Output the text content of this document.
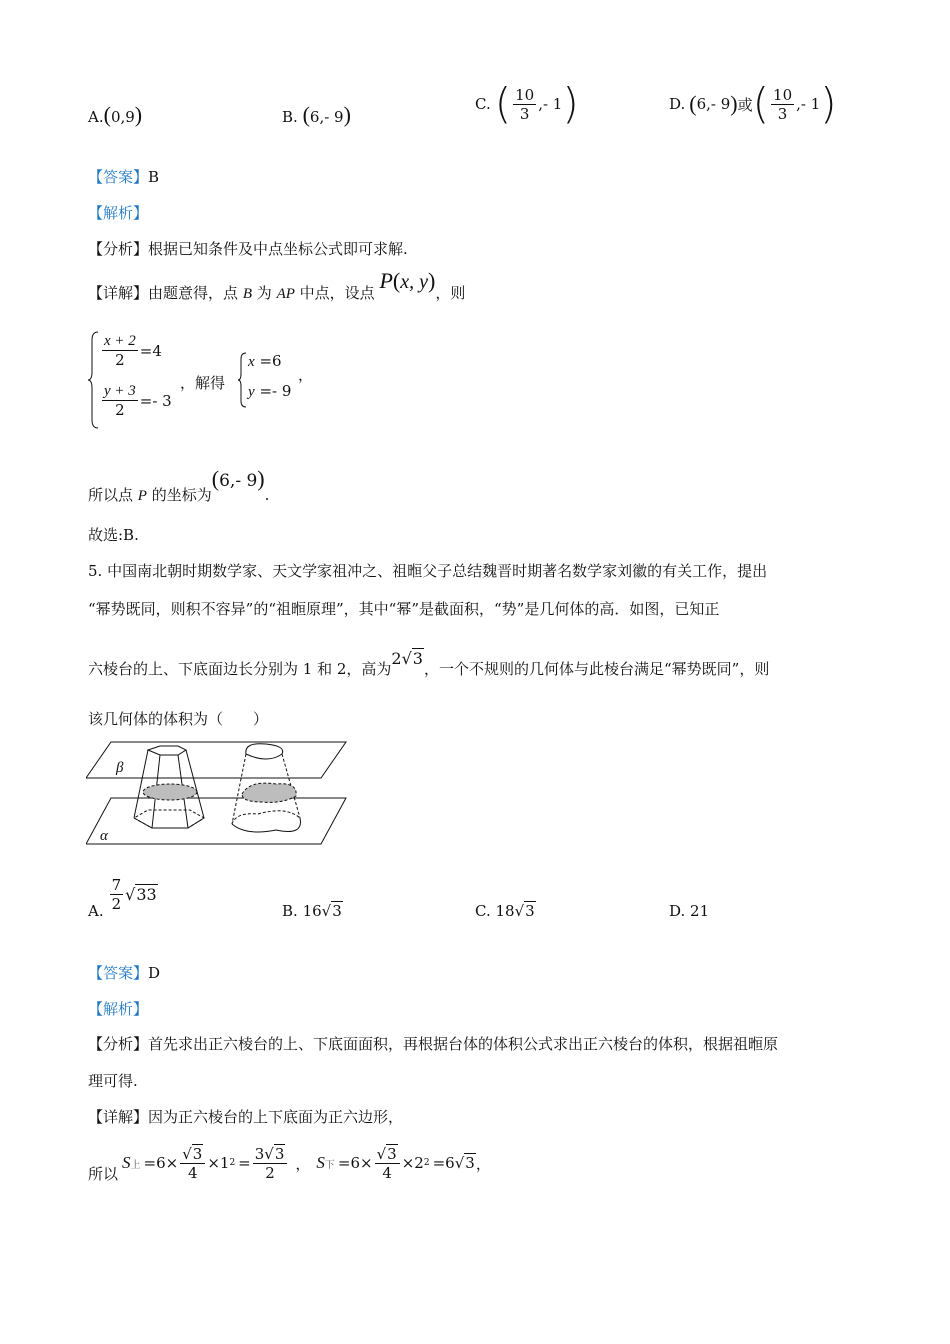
A.(0,9)	B. (6,‑ 9)	C. ( $\frac{10}{3}$ ,‑ 1 )	D. ( 6,‑ 9 ) 或 ( $\frac{10}{3}$ ,‑ 1 )
【答案】B
【解析】
【分析】根据已知条件及中点坐标公式即可求解.
【详解】由题意得，点 B 为 AP 中点，设点 P(x, y)，则
$\frac{x + 2}{2} =4$
$\frac{y + 3}{2}$ =‑ 3
，解得
x =6
y =‑ 9
，
所以点 P 的坐标为(6,‑ 9).
故选:B.
5. 中国南北朝时期数学家、天文学家祖冲之、祖暅父子总结魏晋时期著名数学家刘徽的有关工作，提出
“幂势既同，则积不容异”的“祖暅原理”，其中“幂”是截面积，“势”是几何体的高．如图，已知正
六棱台的上、下底面边长分别为 1 和 2，高为2√3，一个不规则的几何体与此棱台满足“幂势既同”，则
该几何体的体积为（　　）
β
α
A. $\frac{7}{2} √33$
B. 16√3	C. 18√3	D. 21
【答案】D
【解析】
【分析】首先求出正六棱台的上、下底面面积，再根据台体的体积公式求出正六棱台的体积，根据祖暅原
理可得.
【详解】因为正六棱台的上下底面为正六边形，
所以
S 上 $=6\times \frac{√3}{4} \times 1$ $2 = \frac{3√3}{2}$ ， S 下 $=6\times \frac{√3}{4} \times 2$ 2 =6 √3 ，
